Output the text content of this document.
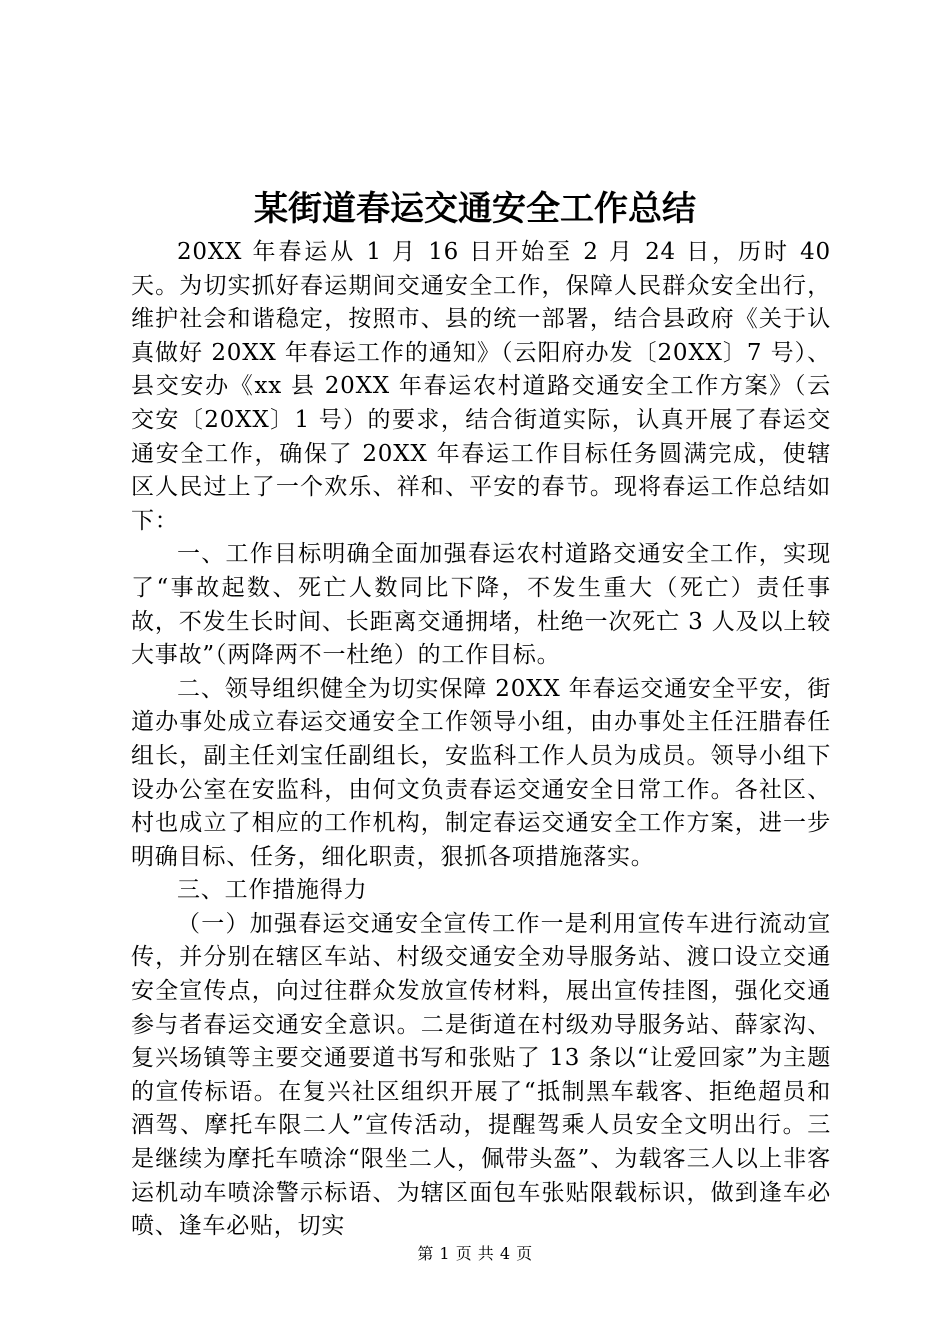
某街道春运交通安全工作总结

20XX 年春运从 1 月 16 日开始至 2 月 24 日，历时 40 天。为切实抓好春运期间交通安全工作，保障人民群众安全出行，维护社会和谐稳定，按照市、县的统一部署，结合县政府《关于认真做好 20XX 年春运工作的通知》（云阳府办发〔20XX〕7 号）、县交安办《xx 县 20XX 年春运农村道路交通安全工作方案》（云交安〔20XX〕1 号）的要求，结合街道实际，认真开展了春运交通安全工作，确保了 20XX 年春运工作目标任务圆满完成，使辖区人民过上了一个欢乐、祥和、平安的春节。现将春运工作总结如下：

一、工作目标明确全面加强春运农村道路交通安全工作，实现了“事故起数、死亡人数同比下降，不发生重大（死亡）责任事故，不发生长时间、长距离交通拥堵，杜绝一次死亡 3 人及以上较大事故”（两降两不一杜绝）的工作目标。

二、领导组织健全为切实保障 20XX 年春运交通安全平安，街道办事处成立春运交通安全工作领导小组，由办事处主任汪腊春任组长，副主任刘宝任副组长，安监科工作人员为成员。领导小组下设办公室在安监科，由何文负责春运交通安全日常工作。各社区、村也成立了相应的工作机构，制定春运交通安全工作方案，进一步明确目标、任务，细化职责，狠抓各项措施落实。

三、工作措施得力

（一）加强春运交通安全宣传工作一是利用宣传车进行流动宣传，并分别在辖区车站、村级交通安全劝导服务站、渡口设立交通安全宣传点，向过往群众发放宣传材料，展出宣传挂图，强化交通参与者春运交通安全意识。二是街道在村级劝导服务站、薛家沟、复兴场镇等主要交通要道书写和张贴了 13 条以“让爱回家”为主题的宣传标语。在复兴社区组织开展了“抵制黑车载客、拒绝超员和酒驾、摩托车限二人”宣传活动，提醒驾乘人员安全文明出行。三是继续为摩托车喷涂“限坐二人，佩带头盔”、为载客三人以上非客运机动车喷涂警示标语、为辖区面包车张贴限载标识，做到逢车必喷、逢车必贴，切实

第 1 页 共 4 页
